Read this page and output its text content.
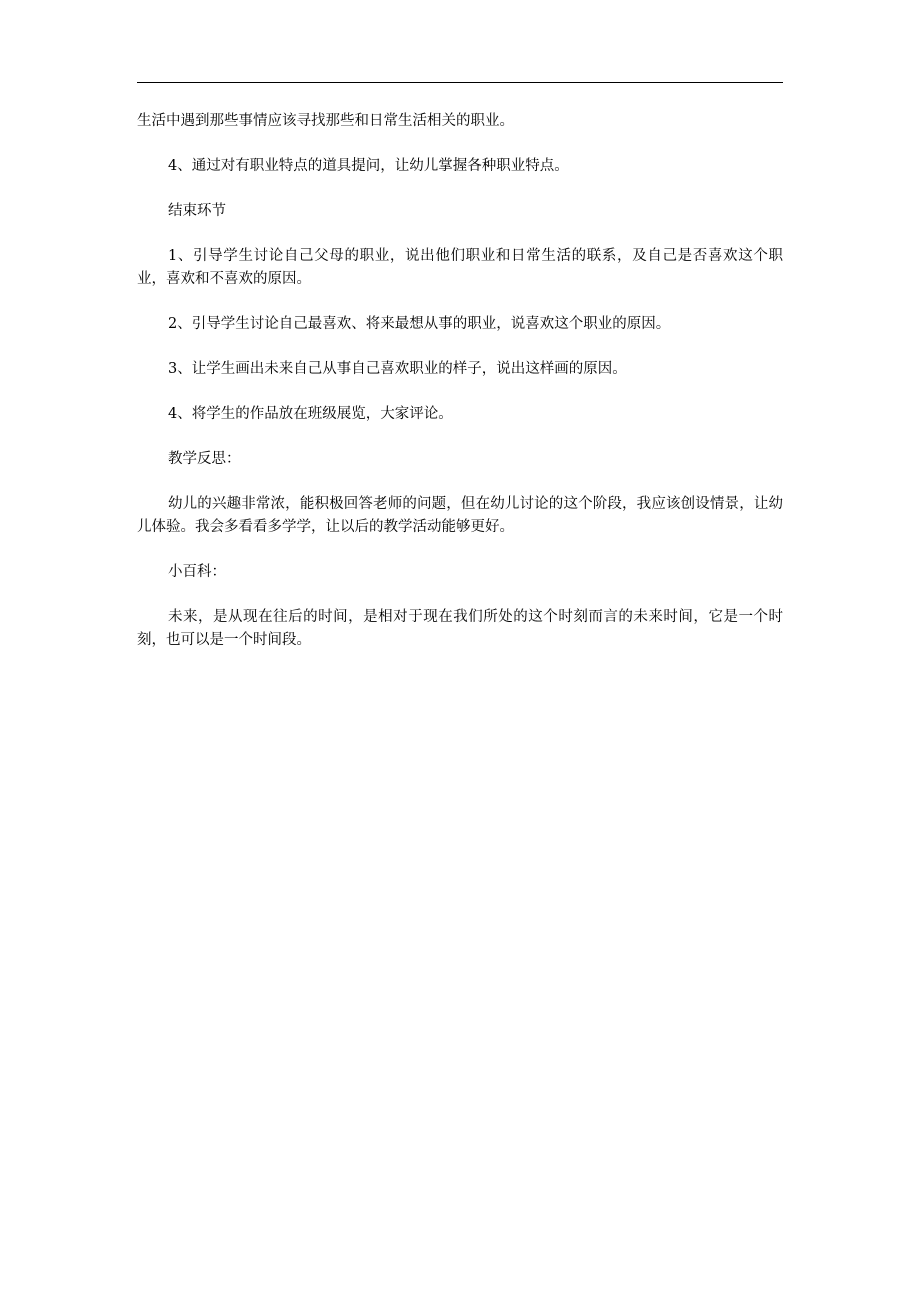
生活中遇到那些事情应该寻找那些和日常生活相关的职业。

4、通过对有职业特点的道具提问，让幼儿掌握各种职业特点。

结束环节

1、引导学生讨论自己父母的职业，说出他们职业和日常生活的联系，及自己是否喜欢这个职业，喜欢和不喜欢的原因。

2、引导学生讨论自己最喜欢、将来最想从事的职业，说喜欢这个职业的原因。

3、让学生画出未来自己从事自己喜欢职业的样子，说出这样画的原因。

4、将学生的作品放在班级展览，大家评论。

教学反思：

幼儿的兴趣非常浓，能积极回答老师的问题，但在幼儿讨论的这个阶段，我应该创设情景，让幼儿体验。我会多看看多学学，让以后的教学活动能够更好。

小百科：

未来，是从现在往后的时间，是相对于现在我们所处的这个时刻而言的未来时间，它是一个时刻，也可以是一个时间段。
